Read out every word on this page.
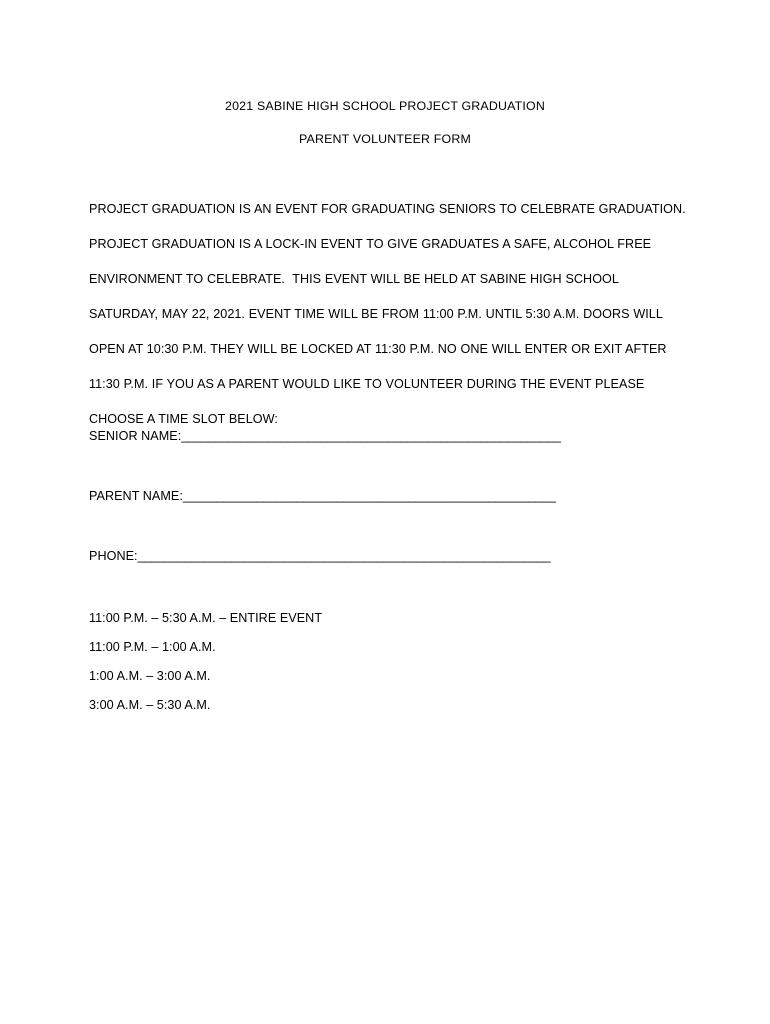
2021 SABINE HIGH SCHOOL PROJECT GRADUATION
PARENT VOLUNTEER FORM

PROJECT GRADUATION IS AN EVENT FOR GRADUATING SENIORS TO CELEBRATE GRADUATION. PROJECT GRADUATION IS A LOCK-IN EVENT TO GIVE GRADUATES A SAFE, ALCOHOL FREE ENVIRONMENT TO CELEBRATE.  THIS EVENT WILL BE HELD AT SABINE HIGH SCHOOL SATURDAY, MAY 22, 2021. EVENT TIME WILL BE FROM 11:00 P.M. UNTIL 5:30 A.M. DOORS WILL OPEN AT 10:30 P.M. THEY WILL BE LOCKED AT 11:30 P.M. NO ONE WILL ENTER OR EXIT AFTER 11:30 P.M. IF YOU AS A PARENT WOULD LIKE TO VOLUNTEER DURING THE EVENT PLEASE CHOOSE A TIME SLOT BELOW:

SENIOR NAME:_________________________________________________________
PARENT NAME:________________________________________________________
PHONE:______________________________________________________________
11:00 P.M. – 5:30 A.M. – ENTIRE EVENT
11:00 P.M. – 1:00 A.M.
1:00 A.M. – 3:00 A.M.
3:00 A.M. – 5:30 A.M.
